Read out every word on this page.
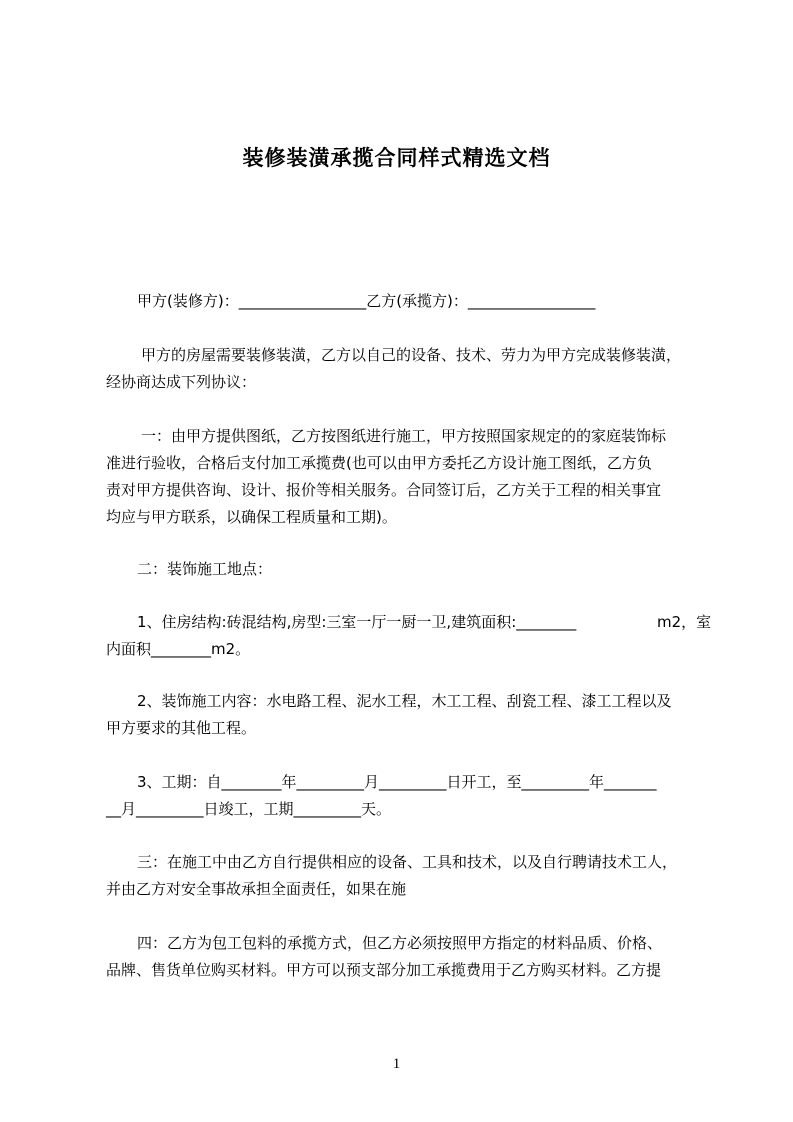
装修装潢承揽合同样式精选文档
甲方(装修方)：_________________乙方(承揽方)：_________________
甲方的房屋需要装修装潢，乙方以自己的设备、技术、劳力为甲方完成装修装潢，
经协商达成下列协议：
一：由甲方提供图纸，乙方按图纸进行施工，甲方按照国家规定的的家庭装饰标
准进行验收，合格后支付加工承揽费(也可以由甲方委托乙方设计施工图纸，乙方负
责对甲方提供咨询、设计、报价等相关服务。合同签订后，乙方关于工程的相关事宜
均应与甲方联系，以确保工程质量和工期)。
二：装饰施工地点：
1、住房结构:砖混结构,房型:三室一厅一厨一卫,建筑面积:________	m2，室
内面积________m2。
2、装饰施工内容：水电路工程、泥水工程，木工工程、刮瓷工程、漆工工程以及
甲方要求的其他工程。
3、工期：自________年_________月_________日开工，至_________年_______
__月_________日竣工，工期_________天。
三：在施工中由乙方自行提供相应的设备、工具和技术，以及自行聘请技术工人，
并由乙方对安全事故承担全面责任，如果在施
四：乙方为包工包料的承揽方式，但乙方必须按照甲方指定的材料品质、价格、
品牌、售货单位购买材料。甲方可以预支部分加工承揽费用于乙方购买材料。乙方提
1
